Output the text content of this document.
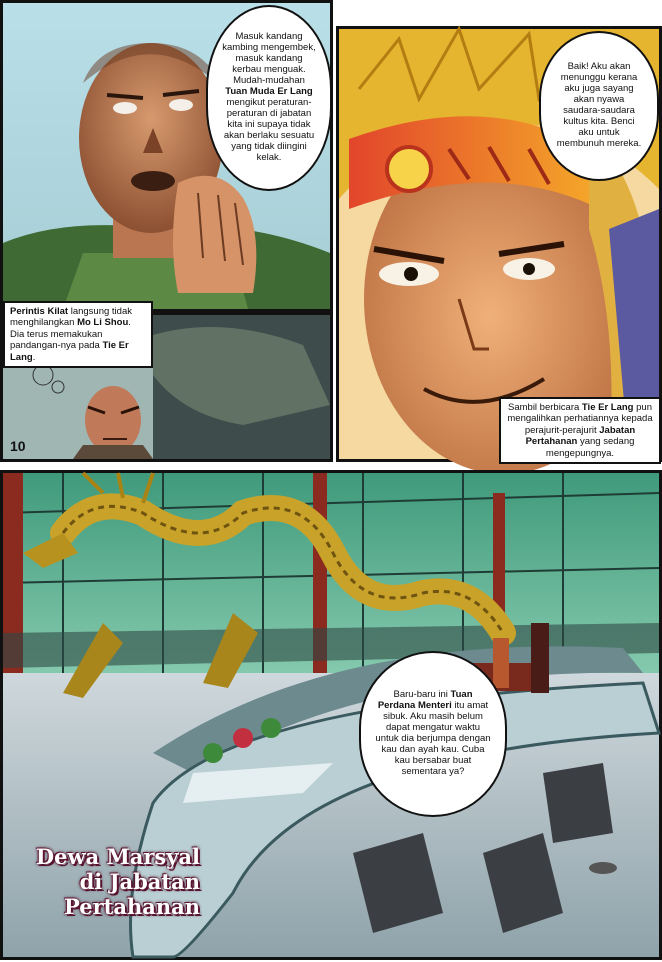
Masuk kandang kambing mengembek, masuk kandang kerbau menguak. Mudah-mudahan Tuan Muda Er Lang mengikut peraturan-peraturan di jabatan kita ini supaya tidak akan berlaku sesuatu yang tidak diingini kelak.
Perintis Kilat langsung tidak menghilangkan Mo Li Shou. Dia terus memakukan pandangan-nya pada Tie Er Lang.
10
Baik! Aku akan menunggu kerana aku juga sayang akan nyawa saudara-saudara kultus kita. Benci aku untuk membunuh mereka.
Sambil berbicara Tie Er Lang pun mengalihkan perhatiannya kepada perajurit-perajurit Jabatan Pertahanan yang sedang mengepungnya.
Baru-baru ini Tuan Perdana Menteri itu amat sibuk. Aku masih belum dapat mengatur waktu untuk dia berjumpa dengan kau dan ayah kau. Cuba kau bersabar buat sementara ya?
Dewa Marsyal
di Jabatan
Pertahanan
